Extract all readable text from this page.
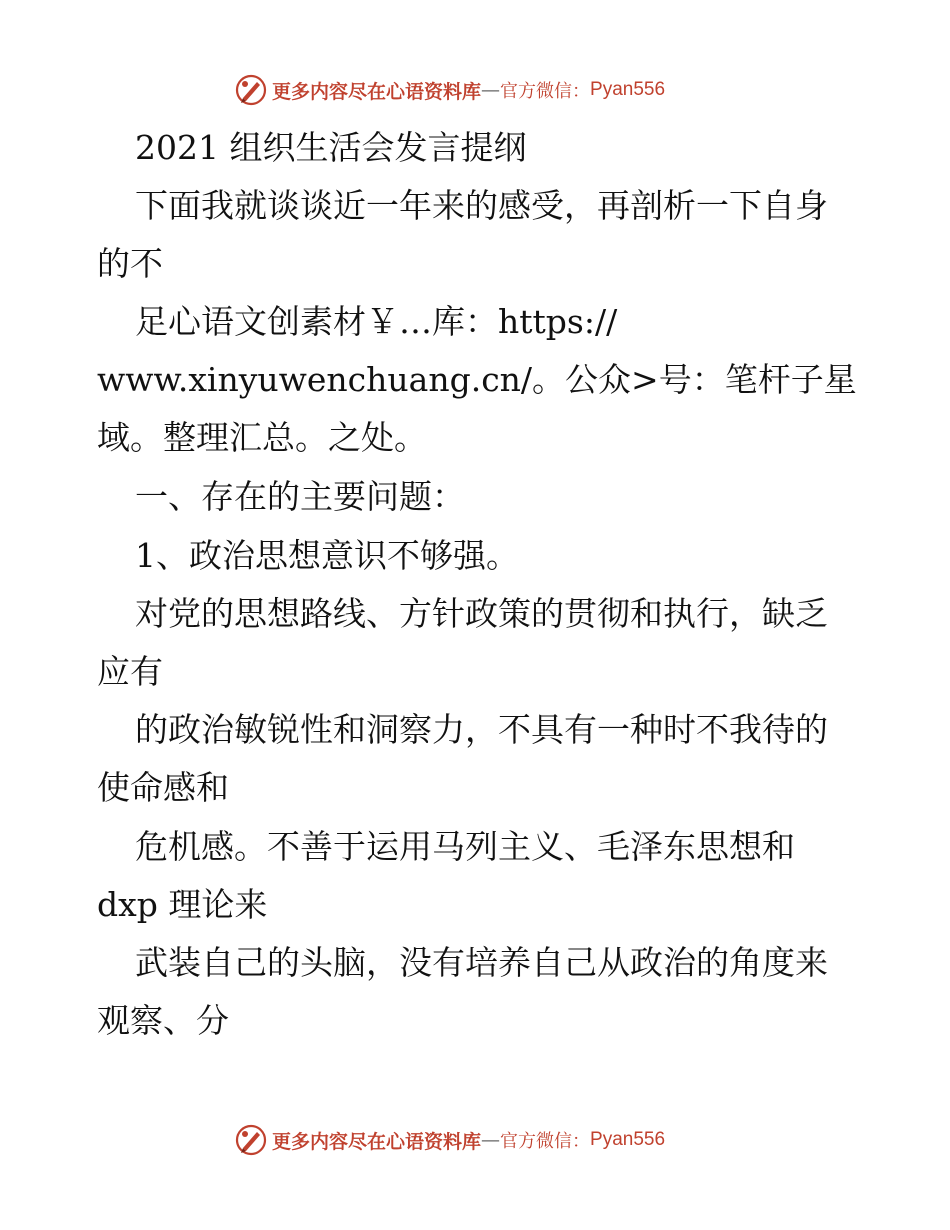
更多内容尽在心语资料库 — 官方微信： Pyan556
2021 组织生活会发言提纲
下面我就谈谈近一年来的感受，再剖析一下自身
的不
足心语文创素材￥…库：https://
www.xinyuwenchuang.cn/。公众>号：笔杆子星
域。整理汇总。之处。
一、存在的主要问题：
1、政治思想意识不够强。
对党的思想路线、方针政策的贯彻和执行，缺乏
应有
的政治敏锐性和洞察力，不具有一种时不我待的
使命感和
危机感。不善于运用马列主义、毛泽东思想和
dxp 理论来
武装自己的头脑，没有培养自己从政治的角度来
观察、分
更多内容尽在心语资料库 — 官方微信： Pyan556
